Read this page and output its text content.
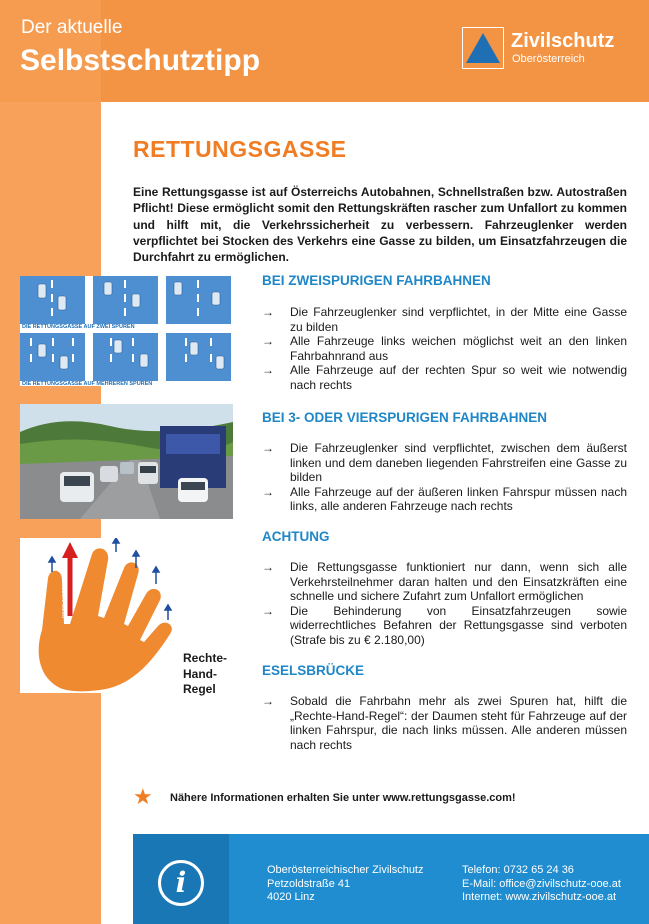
Der aktuelle
Selbstschutztipp
Zivilschutz
Oberösterreich
RETTUNGSGASSE
Eine Rettungsgasse ist auf Österreichs Autobahnen, Schnellstraßen bzw. Autostraßen Pflicht! Diese ermöglicht somit den Rettungskräften rascher zum Unfallort zu kommen und hilft mit, die Verkehrssicherheit zu verbessern. Fahrzeuglenker werden verpflichtet bei Stocken des Verkehrs eine Gasse zu bilden, um Einsatzfahrzeugen die Durchfahrt zu ermöglichen.
BEI ZWEISPURIGEN FAHRBAHNEN
→ Die Fahrzeuglenker sind verpflichtet, in der Mitte eine Gasse zu bilden
→ Alle Fahrzeuge links weichen möglichst weit an den linken Fahrbahnrand aus
→ Alle Fahrzeuge auf der rechten Spur so weit wie notwendig nach rechts
BEI 3- ODER VIERSPURIGEN FAHRBAHNEN
→ Die Fahrzeuglenker sind verpflichtet, zwischen dem äußerst linken und dem daneben liegenden Fahrstreifen eine Gasse zu bilden
→ Alle Fahrzeuge auf der äußeren linken Fahrspur müssen nach links, alle anderen Fahrzeuge nach rechts
ACHTUNG
→ Die Rettungsgasse funktioniert nur dann, wenn sich alle Verkehrsteilnehmer daran halten und den Einsatzkräften eine schnelle und sichere Zufahrt zum Unfallort ermöglichen
→ Die Behinderung von Einsatzfahrzeugen sowie widerrechtliches Befahren der Rettungsgasse sind verboten (Strafe bis zu € 2.180,00)
ESELSBRÜCKE
→ Sobald die Fahrbahn mehr als zwei Spuren hat, hilft die „Rechte-Hand-Regel“: der Daumen steht für Fahrzeuge auf der linken Fahrspur, die nach links müssen. Alle anderen müssen nach rechts
DIE RETTUNGSGASSE AUF ZWEI SPUREN
DIE RETTUNGSGASSE AUF MEHREREN SPUREN
RETTUNGSGASSE
Rechte-
Hand-
Regel
★ Nähere Informationen erhalten Sie unter www.rettungsgasse.com!
i	Oberösterreichischer Zivilschutz
Petzoldstraße 41
4020 Linz
Telefon: 0732 65 24 36
E-Mail: office@zivilschutz-ooe.at
Internet: www.zivilschutz-ooe.at
